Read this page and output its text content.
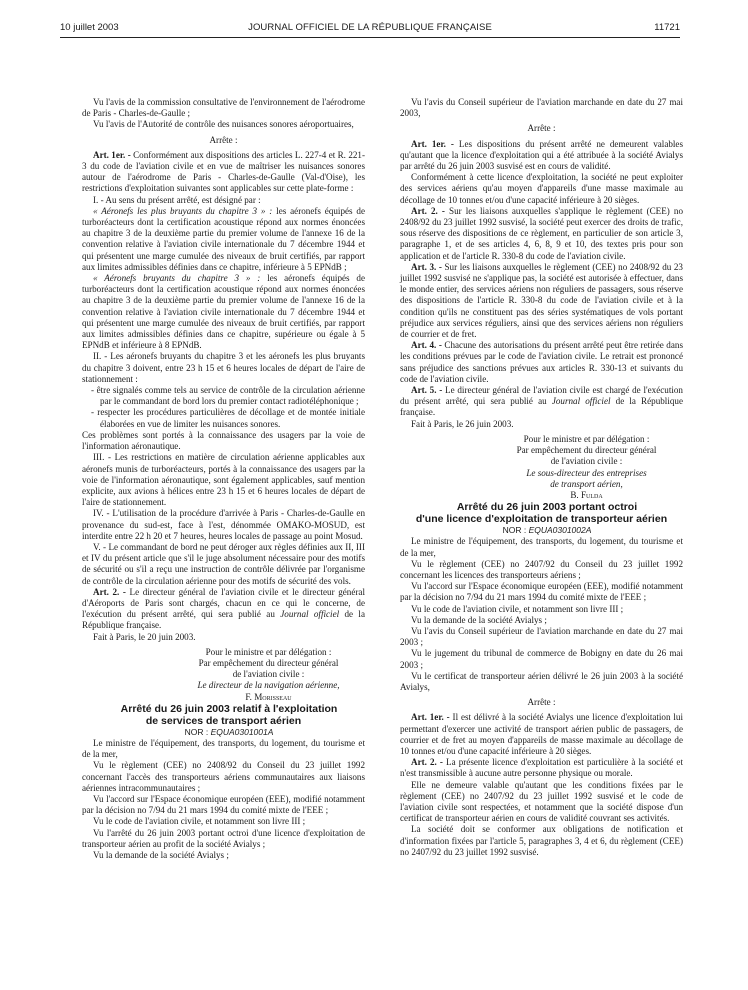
10 juillet 2003	JOURNAL OFFICIEL DE LA RÉPUBLIQUE FRANÇAISE	11721

Vu l'avis de la commission consultative de l'environnement de l'aérodrome de Paris - Charles-de-Gaulle ;

Vu l'avis de l'Autorité de contrôle des nuisances sonores aéroportuaires,

Arrête :

Art. 1er. - Conformément aux dispositions des articles L. 227-4 et R. 221-3 du code de l'aviation civile et en vue de maîtriser les nuisances sonores autour de l'aérodrome de Paris - Charles-de-Gaulle (Val-d'Oise), les restrictions d'exploitation suivantes sont applicables sur cette plate-forme :

I. - Au sens du présent arrêté, est désigné par :

« Aéronefs les plus bruyants du chapitre 3 » : les aéronefs équipés de turboréacteurs dont la certification acoustique répond aux normes énoncées au chapitre 3 de la deuxième partie du premier volume de l'annexe 16 de la convention relative à l'aviation civile internationale du 7 décembre 1944 et qui présentent une marge cumulée des niveaux de bruit certifiés, par rapport aux limites admissibles définies dans ce chapitre, inférieure à 5 EPNdB ;

« Aéronefs bruyants du chapitre 3 » : les aéronefs équipés de turboréacteurs dont la certification acoustique répond aux normes énoncées au chapitre 3 de la deuxième partie du premier volume de l'annexe 16 de la convention relative à l'aviation civile internationale du 7 décembre 1944 et qui présentent une marge cumulée des niveaux de bruit certifiés, par rapport aux limites admissibles définies dans ce chapitre, supérieure ou égale à 5 EPNdB et inférieure à 8 EPNdB.

II. - Les aéronefs bruyants du chapitre 3 et les aéronefs les plus bruyants du chapitre 3 doivent, entre 23 h 15 et 6 heures locales de départ de l'aire de stationnement :

- être signalés comme tels au service de contrôle de la circulation aérienne par le commandant de bord lors du premier contact radiotéléphonique ;

- respecter les procédures particulières de décollage et de montée initiale élaborées en vue de limiter les nuisances sonores.

Ces problèmes sont portés à la connaissance des usagers par la voie de l'information aéronautique.

III. - Les restrictions en matière de circulation aérienne applicables aux aéronefs munis de turboréacteurs, portés à la connaissance des usagers par la voie de l'information aéronautique, sont également applicables, sauf mention explicite, aux avions à hélices entre 23 h 15 et 6 heures locales de départ de l'aire de stationnement.

IV. - L'utilisation de la procédure d'arrivée à Paris - Charles-de-Gaulle en provenance du sud-est, face à l'est, dénommée OMAKO-MOSUD, est interdite entre 22 h 20 et 7 heures, heures locales de passage au point Mosud.

V. - Le commandant de bord ne peut déroger aux règles définies aux II, III et IV du présent article que s'il le juge absolument nécessaire pour des motifs de sécurité ou s'il a reçu une instruction de contrôle délivrée par l'organisme de contrôle de la circulation aérienne pour des motifs de sécurité des vols.

Art. 2. - Le directeur général de l'aviation civile et le directeur général d'Aéroports de Paris sont chargés, chacun en ce qui le concerne, de l'exécution du présent arrêté, qui sera publié au Journal officiel de la République française.

Fait à Paris, le 20 juin 2003.

Pour le ministre et par délégation :

Par empêchement du directeur général

de l'aviation civile :

Le directeur de la navigation aérienne,

F. Morisseau

Arrêté du 26 juin 2003 relatif à l'exploitation
de services de transport aérien

NOR : EQUA0301001A

Le ministre de l'équipement, des transports, du logement, du tourisme et de la mer,

Vu le règlement (CEE) no 2408/92 du Conseil du 23 juillet 1992 concernant l'accès des transporteurs aériens communautaires aux liaisons aériennes intracommunautaires ;

Vu l'accord sur l'Espace économique européen (EEE), modifié notamment par la décision no 7/94 du 21 mars 1994 du comité mixte de l'EEE ;

Vu le code de l'aviation civile, et notamment son livre III ;

Vu l'arrêté du 26 juin 2003 portant octroi d'une licence d'exploitation de transporteur aérien au profit de la société Avialys ;

Vu la demande de la société Avialys ;

Vu l'avis du Conseil supérieur de l'aviation marchande en date du 27 mai 2003,

Arrête :

Art. 1er. - Les dispositions du présent arrêté ne demeurent valables qu'autant que la licence d'exploitation qui a été attribuée à la société Avialys par arrêté du 26 juin 2003 susvisé est en cours de validité.

Conformément à cette licence d'exploitation, la société ne peut exploiter des services aériens qu'au moyen d'appareils d'une masse maximale au décollage de 10 tonnes et/ou d'une capacité inférieure à 20 sièges.

Art. 2. - Sur les liaisons auxquelles s'applique le règlement (CEE) no 2408/92 du 23 juillet 1992 susvisé, la société peut exercer des droits de trafic, sous réserve des dispositions de ce règlement, en particulier de son article 3, paragraphe 1, et de ses articles 4, 6, 8, 9 et 10, des textes pris pour son application et de l'article R. 330-8 du code de l'aviation civile.

Art. 3. - Sur les liaisons auxquelles le règlement (CEE) no 2408/92 du 23 juillet 1992 susvisé ne s'applique pas, la société est autorisée à effectuer, dans le monde entier, des services aériens non réguliers de passagers, sous réserve des dispositions de l'article R. 330-8 du code de l'aviation civile et à la condition qu'ils ne constituent pas des séries systématiques de vols portant préjudice aux services réguliers, ainsi que des services aériens non réguliers de courrier et de fret.

Art. 4. - Chacune des autorisations du présent arrêté peut être retirée dans les conditions prévues par le code de l'aviation civile. Le retrait est prononcé sans préjudice des sanctions prévues aux articles R. 330-13 et suivants du code de l'aviation civile.

Art. 5. - Le directeur général de l'aviation civile est chargé de l'exécution du présent arrêté, qui sera publié au Journal officiel de la République française.

Fait à Paris, le 26 juin 2003.

Pour le ministre et par délégation :

Par empêchement du directeur général

de l'aviation civile :

Le sous-directeur des entreprises

de transport aérien,

B. Fulda

Arrêté du 26 juin 2003 portant octroi
d'une licence d'exploitation de transporteur aérien

NOR : EQUA0301002A

Le ministre de l'équipement, des transports, du logement, du tourisme et de la mer,

Vu le règlement (CEE) no 2407/92 du Conseil du 23 juillet 1992 concernant les licences des transporteurs aériens ;

Vu l'accord sur l'Espace économique européen (EEE), modifié notamment par la décision no 7/94 du 21 mars 1994 du comité mixte de l'EEE ;

Vu le code de l'aviation civile, et notamment son livre III ;

Vu la demande de la société Avialys ;

Vu l'avis du Conseil supérieur de l'aviation marchande en date du 27 mai 2003 ;

Vu le jugement du tribunal de commerce de Bobigny en date du 26 mai 2003 ;

Vu le certificat de transporteur aérien délivré le 26 juin 2003 à la société Avialys,

Arrête :

Art. 1er. - Il est délivré à la société Avialys une licence d'exploitation lui permettant d'exercer une activité de transport aérien public de passagers, de courrier et de fret au moyen d'appareils de masse maximale au décollage de 10 tonnes et/ou d'une capacité inférieure à 20 sièges.

Art. 2. - La présente licence d'exploitation est particulière à la société et n'est transmissible à aucune autre personne physique ou morale.

Elle ne demeure valable qu'autant que les conditions fixées par le règlement (CEE) no 2407/92 du 23 juillet 1992 susvisé et le code de l'aviation civile sont respectées, et notamment que la société dispose d'un certificat de transporteur aérien en cours de validité couvrant ses activités.

La société doit se conformer aux obligations de notification et d'information fixées par l'article 5, paragraphes 3, 4 et 6, du règlement (CEE) no 2407/92 du 23 juillet 1992 susvisé.
